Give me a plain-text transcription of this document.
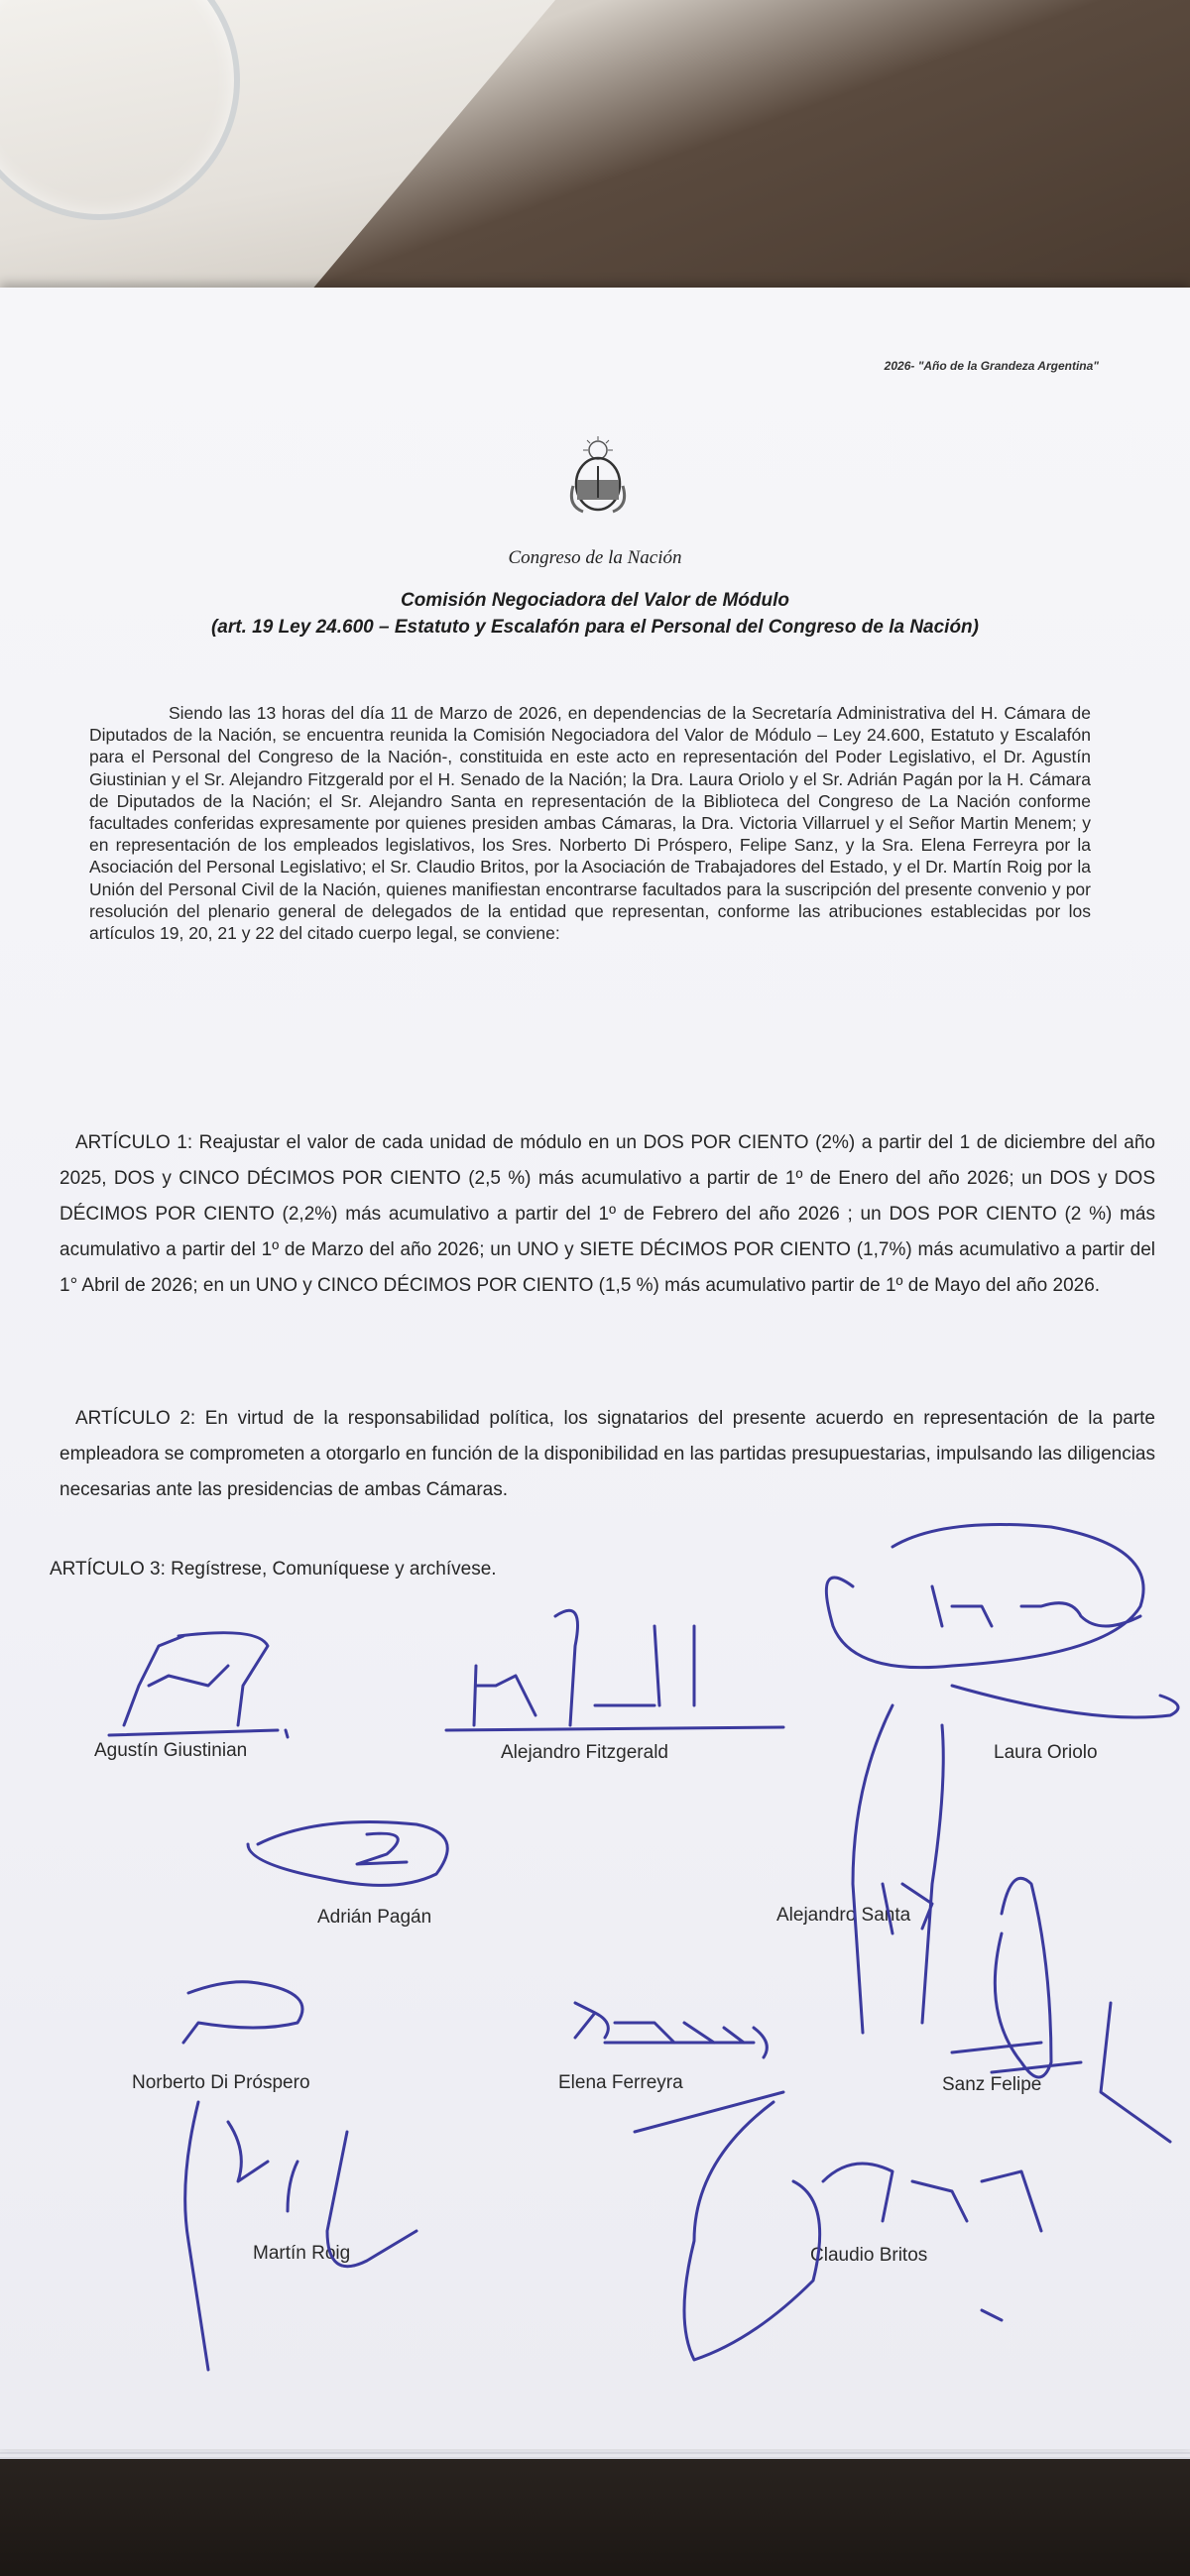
2026- "Año de la Grandeza Argentina"
Congreso de la Nación
Comisión Negociadora del Valor de Módulo
(art. 19 Ley 24.600 – Estatuto y Escalafón para el Personal del Congreso de la Nación)
Siendo las 13 horas del día 11 de Marzo de 2026, en dependencias de la Secretaría Administrativa del H. Cámara de Diputados de la Nación, se encuentra reunida la Comisión Negociadora del Valor de Módulo – Ley 24.600, Estatuto y Escalafón para el Personal del Congreso de la Nación-, constituida en este acto en representación del Poder Legislativo, el Dr. Agustín Giustinian y el Sr. Alejandro Fitzgerald por el H. Senado de la Nación; la Dra. Laura Oriolo y el Sr. Adrián Pagán por la H. Cámara de Diputados de la Nación; el Sr. Alejandro Santa en representación de la Biblioteca del Congreso de La Nación conforme facultades conferidas expresamente por quienes presiden ambas Cámaras, la Dra. Victoria Villarruel y el Señor Martin Menem; y en representación de los empleados legislativos, los Sres. Norberto Di Próspero, Felipe Sanz, y la Sra. Elena Ferreyra por la Asociación del Personal Legislativo; el Sr. Claudio Britos, por la Asociación de Trabajadores del Estado, y el Dr. Martín Roig por la Unión del Personal Civil de la Nación, quienes manifiestan encontrarse facultados para la suscripción del presente convenio y por resolución del plenario general de delegados de la entidad que representan, conforme las atribuciones establecidas por los artículos 19, 20, 21 y 22 del citado cuerpo legal, se conviene:
ARTÍCULO 1: Reajustar el valor de cada unidad de módulo en un DOS POR CIENTO (2%) a partir del 1 de diciembre del año 2025, DOS y CINCO DÉCIMOS POR CIENTO (2,5 %) más acumulativo a partir de 1º de Enero del año 2026; un DOS y DOS DÉCIMOS POR CIENTO (2,2%) más acumulativo a partir del 1º de Febrero del año 2026 ; un DOS POR CIENTO (2 %) más acumulativo a partir del 1º de Marzo del año 2026; un UNO y SIETE DÉCIMOS POR CIENTO (1,7%) más acumulativo a partir del 1° Abril de 2026; en un UNO y CINCO DÉCIMOS POR CIENTO (1,5 %) más acumulativo partir de 1º de Mayo del año 2026.
ARTÍCULO 2: En virtud de la responsabilidad política, los signatarios del presente acuerdo en representación de la parte empleadora se comprometen a otorgarlo en función de la disponibilidad en las partidas presupuestarias, impulsando las diligencias necesarias ante las presidencias de ambas Cámaras.
ARTÍCULO 3: Regístrese, Comuníquese y archívese.
Agustín Giustinian	Alejandro Fitzgerald	Laura Oriolo
Adrián Pagán	Alejandro Santa
Norberto Di Próspero	Elena Ferreyra	Sanz Felipe
Martín Roig	Claudio Britos
